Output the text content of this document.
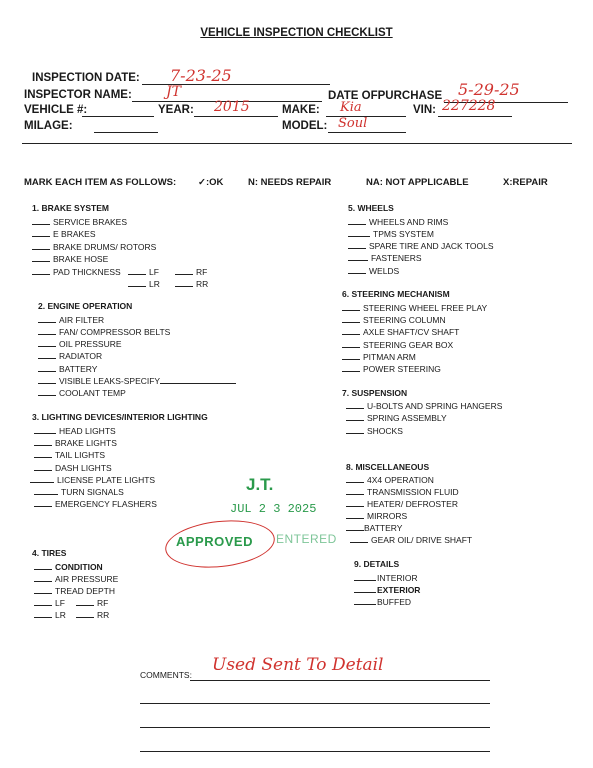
VEHICLE INSPECTION CHECKLIST
INSPECTION DATE: 7-23-25
INSPECTOR NAME: JT	DATE OFPURCHASE 5-29-25
VEHICLE #:	YEAR: 2015	MAKE: Kia	VIN: 227228
MILAGE:	MODEL: Soul
MARK EACH ITEM AS FOLLOWS: ✓:OK	N: NEEDS REPAIR	NA: NOT APPLICABLE	X:REPAIR
1. BRAKE SYSTEM
SERVICE BRAKES
E BRAKES
BRAKE DRUMS/ ROTORS
BRAKE HOSE
PAD THICKNESS	LF	RF
LR	RR
2. ENGINE OPERATION
AIR FILTER
FAN/ COMPRESSOR BELTS
OIL PRESSURE
RADIATOR
BATTERY
VISIBLE LEAKS-SPECIFY
COOLANT TEMP
3. LIGHTING DEVICES/INTERIOR LIGHTING
HEAD LIGHTS
BRAKE LIGHTS
TAIL LIGHTS
DASH LIGHTS
LICENSE PLATE LIGHTS
TURN SIGNALS
EMERGENCY FLASHERS
4. TIRES
CONDITION
AIR PRESSURE
TREAD DEPTH
LF	RF
LR	RR
5. WHEELS
WHEELS AND RIMS
TPMS SYSTEM
SPARE TIRE AND JACK TOOLS
FASTENERS
WELDS
6. STEERING MECHANISM
STEERING WHEEL FREE PLAY
STEERING COLUMN
AXLE SHAFT/CV SHAFT
STEERING GEAR BOX
PITMAN ARM
POWER STEERING
7. SUSPENSION
U-BOLTS AND SPRING HANGERS
SPRING ASSEMBLY
SHOCKS
8. MISCELLANEOUS
4X4 OPERATION
TRANSMISSION FLUID
HEATER/ DEFROSTER
MIRRORS
BATTERY
GEAR OIL/ DRIVE SHAFT
9. DETAILS
INTERIOR
EXTERIOR
BUFFED
J.T.
JUL 2 3 2025
APPROVED ENTERED
COMMENTS: Used Sent To Detail
